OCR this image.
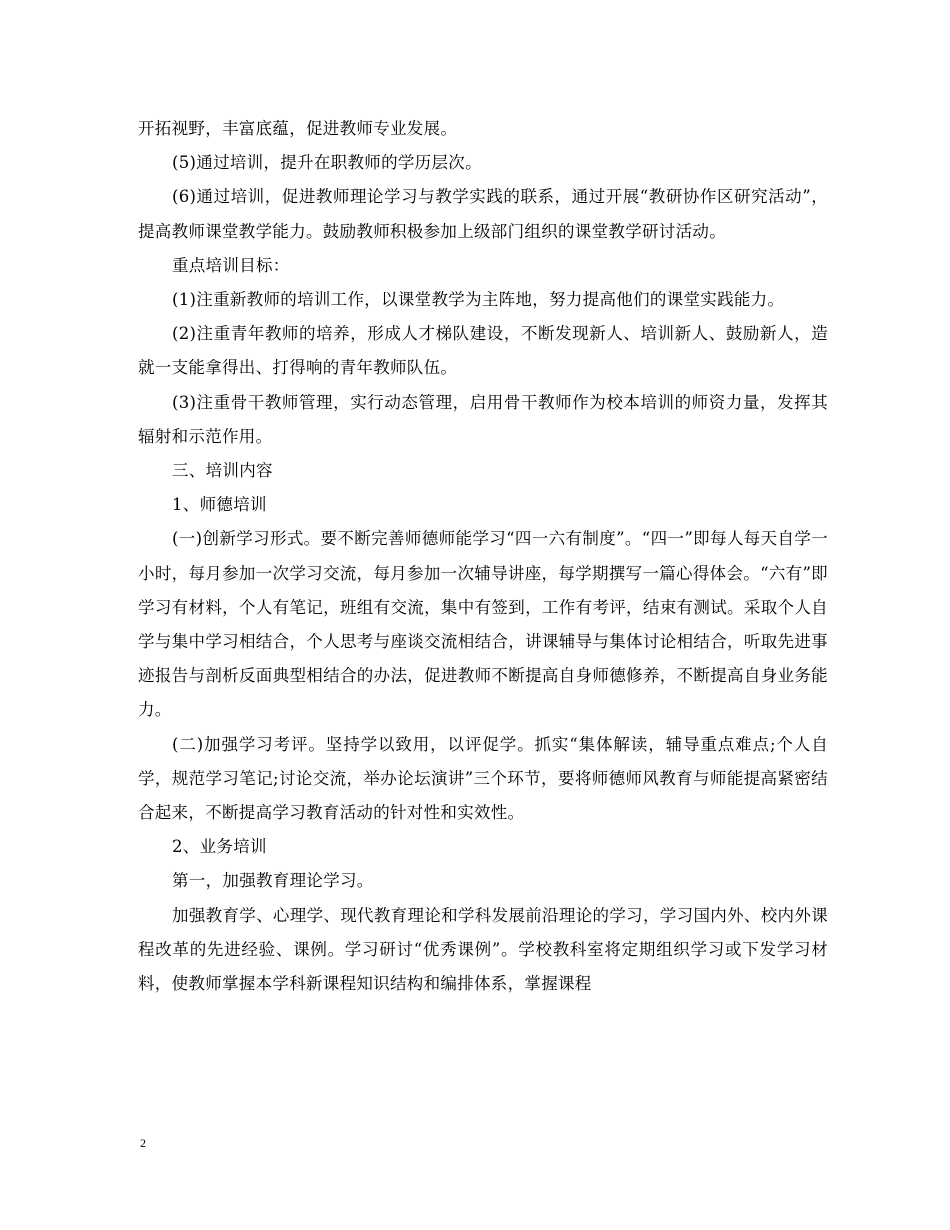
开拓视野，丰富底蕴，促进教师专业发展。

(5)通过培训，提升在职教师的学历层次。

(6)通过培训，促进教师理论学习与教学实践的联系，通过开展“教研协作区研究活动”，提高教师课堂教学能力。鼓励教师积极参加上级部门组织的课堂教学研讨活动。

重点培训目标：

(1)注重新教师的培训工作，以课堂教学为主阵地，努力提高他们的课堂实践能力。

(2)注重青年教师的培养，形成人才梯队建设，不断发现新人、培训新人、鼓励新人，造就一支能拿得出、打得响的青年教师队伍。

(3)注重骨干教师管理，实行动态管理，启用骨干教师作为校本培训的师资力量，发挥其辐射和示范作用。

三、培训内容

1、师德培训

(一)创新学习形式。要不断完善师德师能学习“四一六有制度”。“四一”即每人每天自学一小时，每月参加一次学习交流，每月参加一次辅导讲座，每学期撰写一篇心得体会。“六有”即学习有材料，个人有笔记，班组有交流，集中有签到，工作有考评，结束有测试。采取个人自学与集中学习相结合，个人思考与座谈交流相结合，讲课辅导与集体讨论相结合，听取先进事迹报告与剖析反面典型相结合的办法，促进教师不断提高自身师德修养，不断提高自身业务能力。

(二)加强学习考评。坚持学以致用，以评促学。抓实“集体解读，辅导重点难点;个人自学，规范学习笔记;讨论交流，举办论坛演讲”三个环节，要将师德师风教育与师能提高紧密结合起来，不断提高学习教育活动的针对性和实效性。

2、业务培训

第一，加强教育理论学习。

加强教育学、心理学、现代教育理论和学科发展前沿理论的学习，学习国内外、校内外课程改革的先进经验、课例。学习研讨“优秀课例”。学校教科室将定期组织学习或下发学习材料，使教师掌握本学科新课程知识结构和编排体系，掌握课程

2
